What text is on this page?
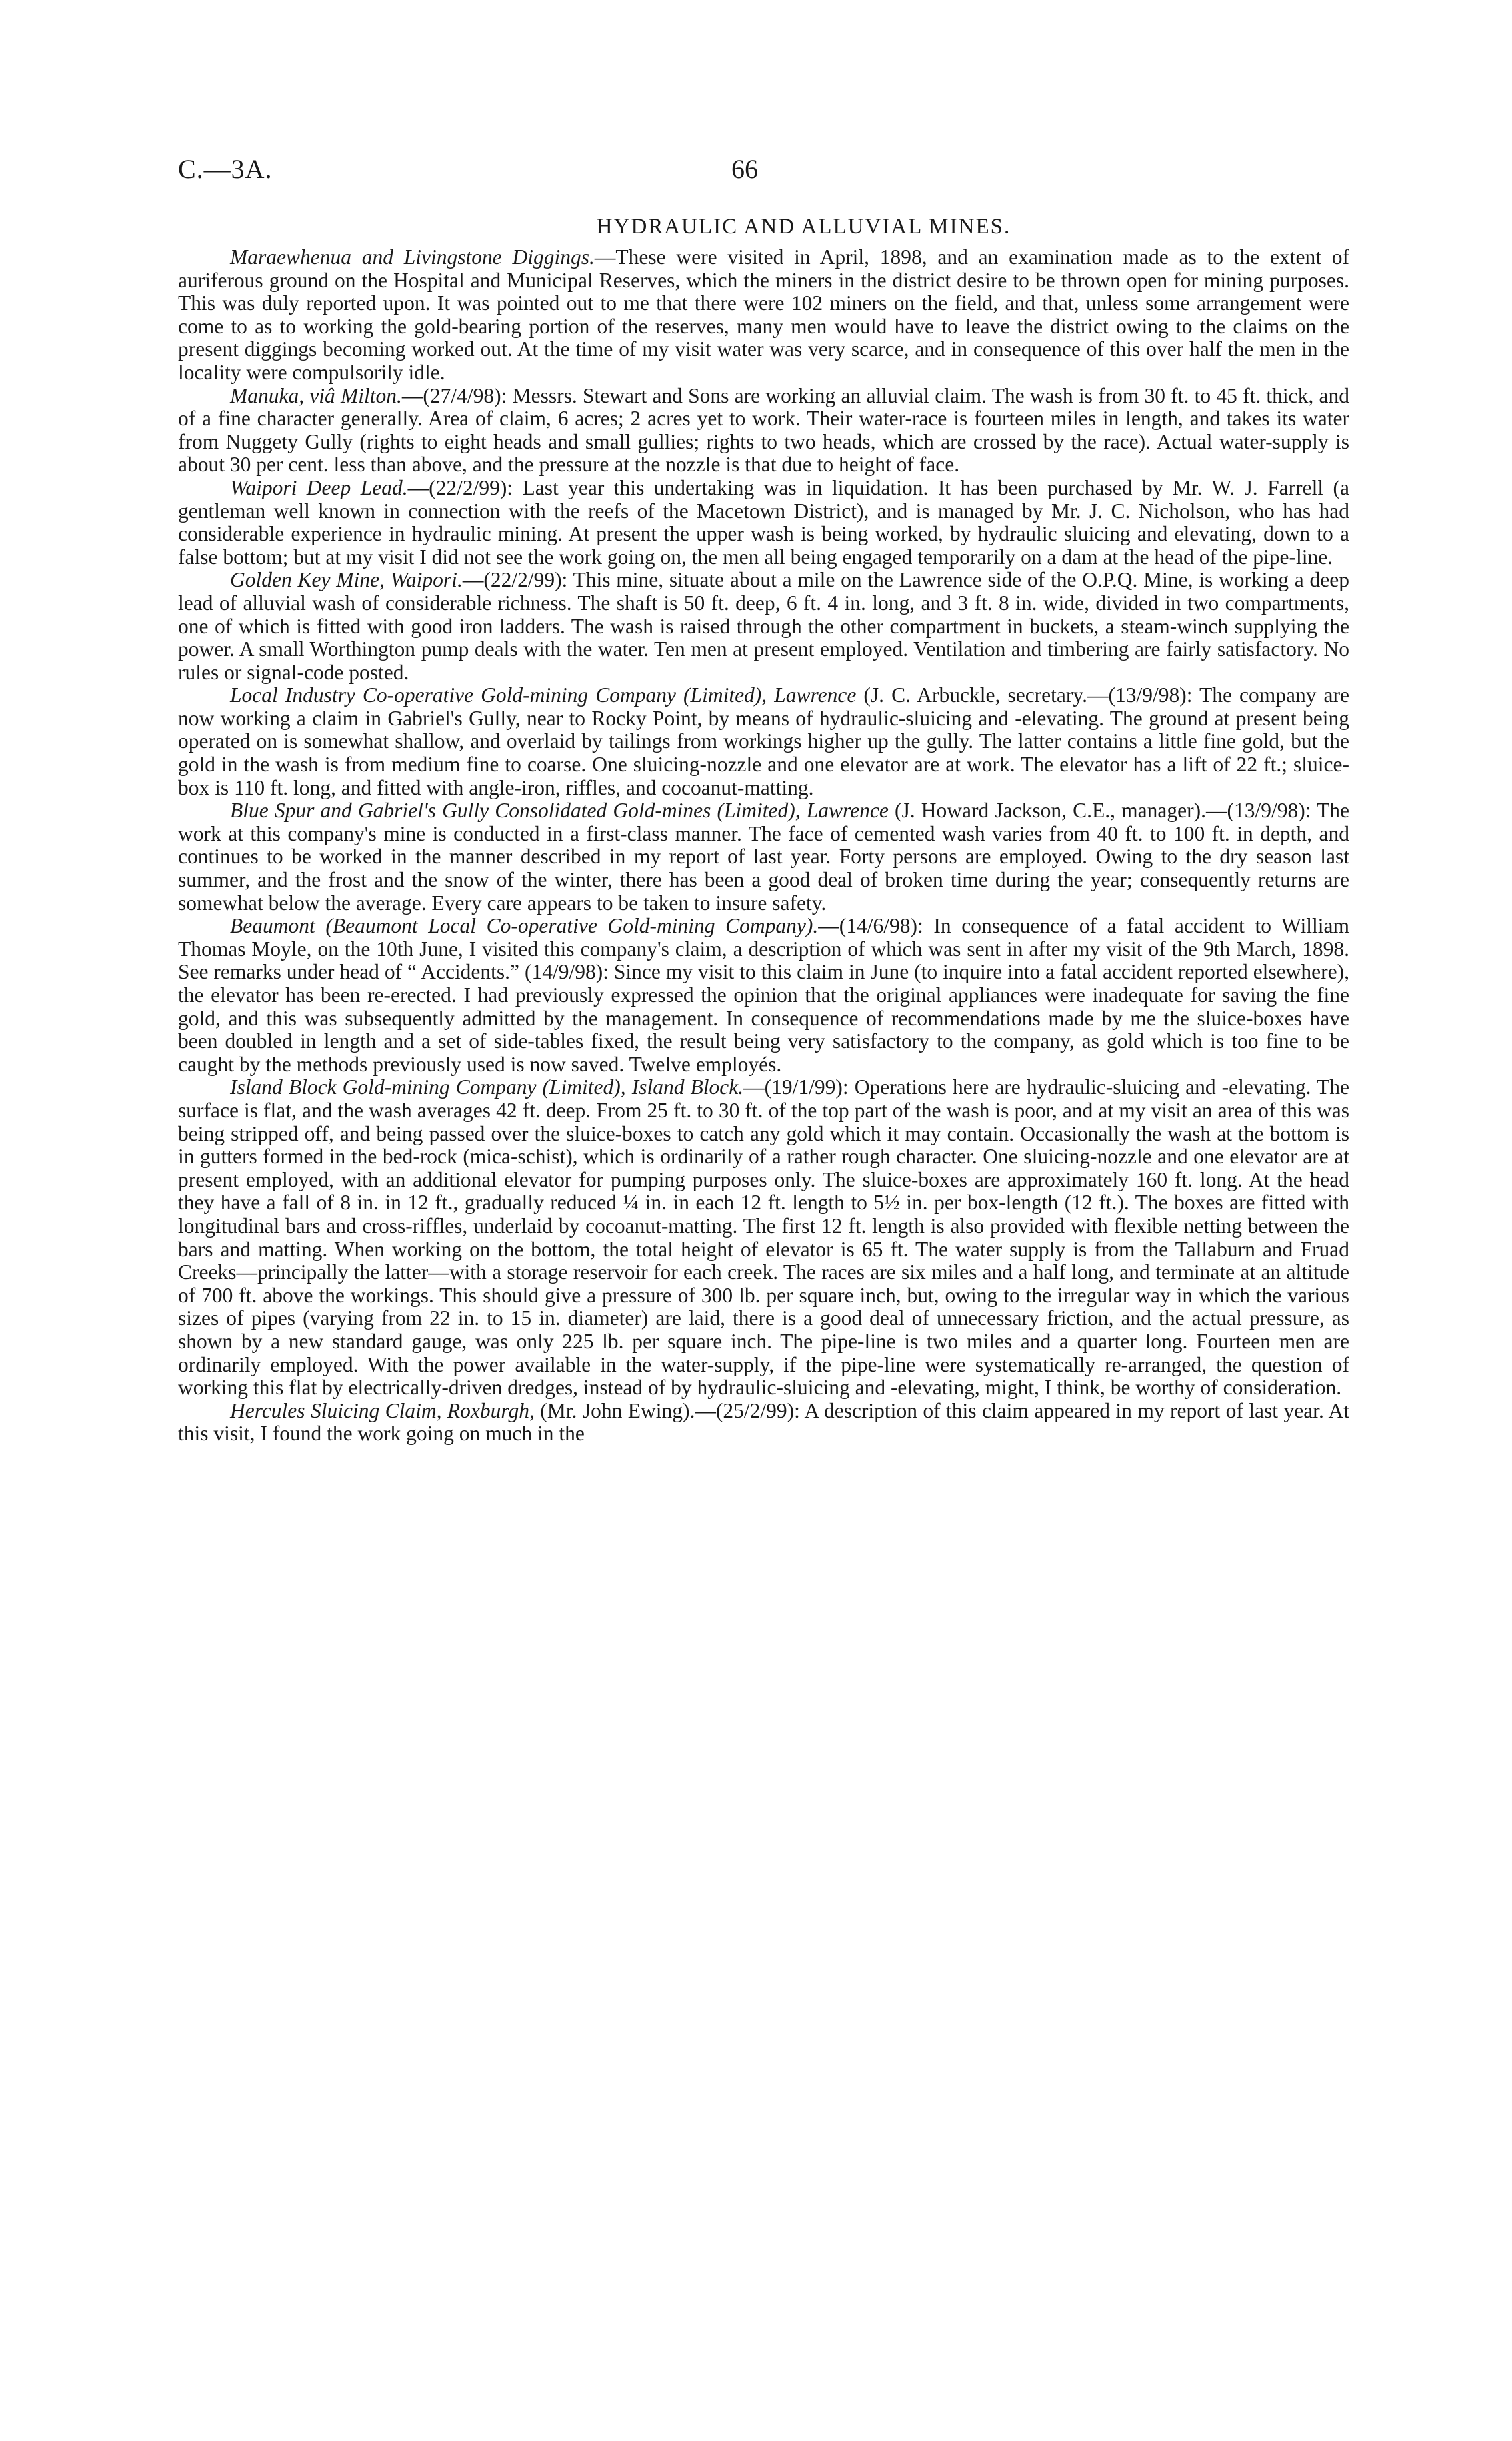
C.—3A.	66
HYDRAULIC AND ALLUVIAL MINES.

Maraewhenua and Livingstone Diggings.—These were visited in April, 1898, and an examination made as to the extent of auriferous ground on the Hospital and Municipal Reserves, which the miners in the district desire to be thrown open for mining purposes. This was duly reported upon. It was pointed out to me that there were 102 miners on the field, and that, unless some arrangement were come to as to working the gold-bearing portion of the reserves, many men would have to leave the district owing to the claims on the present diggings becoming worked out. At the time of my visit water was very scarce, and in consequence of this over half the men in the locality were compulsorily idle.

Manuka, viâ Milton.—(27/4/98): Messrs. Stewart and Sons are working an alluvial claim. The wash is from 30 ft. to 45 ft. thick, and of a fine character generally. Area of claim, 6 acres; 2 acres yet to work. Their water-race is fourteen miles in length, and takes its water from Nuggety Gully (rights to eight heads and small gullies; rights to two heads, which are crossed by the race). Actual water-supply is about 30 per cent. less than above, and the pressure at the nozzle is that due to height of face.

Waipori Deep Lead.—(22/2/99): Last year this undertaking was in liquidation. It has been purchased by Mr. W. J. Farrell (a gentleman well known in connection with the reefs of the Macetown District), and is managed by Mr. J. C. Nicholson, who has had considerable experience in hydraulic mining. At present the upper wash is being worked, by hydraulic sluicing and elevating, down to a false bottom; but at my visit I did not see the work going on, the men all being engaged temporarily on a dam at the head of the pipe-line.

Golden Key Mine, Waipori.—(22/2/99): This mine, situate about a mile on the Lawrence side of the O.P.Q. Mine, is working a deep lead of alluvial wash of considerable richness. The shaft is 50 ft. deep, 6 ft. 4 in. long, and 3 ft. 8 in. wide, divided in two compartments, one of which is fitted with good iron ladders. The wash is raised through the other compartment in buckets, a steam-winch supplying the power. A small Worthington pump deals with the water. Ten men at present employed. Ventilation and timbering are fairly satisfactory. No rules or signal-code posted.

Local Industry Co-operative Gold-mining Company (Limited), Lawrence (J. C. Arbuckle, secretary.—(13/9/98): The company are now working a claim in Gabriel's Gully, near to Rocky Point, by means of hydraulic-sluicing and -elevating. The ground at present being operated on is somewhat shallow, and overlaid by tailings from workings higher up the gully. The latter contains a little fine gold, but the gold in the wash is from medium fine to coarse. One sluicing-nozzle and one elevator are at work. The elevator has a lift of 22 ft.; sluice-box is 110 ft. long, and fitted with angle-iron, riffles, and cocoanut-matting.

Blue Spur and Gabriel's Gully Consolidated Gold-mines (Limited), Lawrence (J. Howard Jackson, C.E., manager).—(13/9/98): The work at this company's mine is conducted in a first-class manner. The face of cemented wash varies from 40 ft. to 100 ft. in depth, and continues to be worked in the manner described in my report of last year. Forty persons are employed. Owing to the dry season last summer, and the frost and the snow of the winter, there has been a good deal of broken time during the year; consequently returns are somewhat below the average. Every care appears to be taken to insure safety.

Beaumont (Beaumont Local Co-operative Gold-mining Company).—(14/6/98): In consequence of a fatal accident to William Thomas Moyle, on the 10th June, I visited this company's claim, a description of which was sent in after my visit of the 9th March, 1898. See remarks under head of “ Accidents.” (14/9/98): Since my visit to this claim in June (to inquire into a fatal accident reported elsewhere), the elevator has been re-erected. I had previously expressed the opinion that the original appliances were inadequate for saving the fine gold, and this was subsequently admitted by the management. In consequence of recommendations made by me the sluice-boxes have been doubled in length and a set of side-tables fixed, the result being very satisfactory to the company, as gold which is too fine to be caught by the methods previously used is now saved. Twelve employés.

Island Block Gold-mining Company (Limited), Island Block.—(19/1/99): Operations here are hydraulic-sluicing and -elevating. The surface is flat, and the wash averages 42 ft. deep. From 25 ft. to 30 ft. of the top part of the wash is poor, and at my visit an area of this was being stripped off, and being passed over the sluice-boxes to catch any gold which it may contain. Occasionally the wash at the bottom is in gutters formed in the bed-rock (mica-schist), which is ordinarily of a rather rough character. One sluicing-nozzle and one elevator are at present employed, with an additional elevator for pumping purposes only. The sluice-boxes are approximately 160 ft. long. At the head they have a fall of 8 in. in 12 ft., gradually reduced ¼ in. in each 12 ft. length to 5½ in. per box-length (12 ft.). The boxes are fitted with longitudinal bars and cross-riffles, underlaid by cocoanut-matting. The first 12 ft. length is also provided with flexible netting between the bars and matting. When working on the bottom, the total height of elevator is 65 ft. The water supply is from the Tallaburn and Fruad Creeks—principally the latter—with a storage reservoir for each creek. The races are six miles and a half long, and terminate at an altitude of 700 ft. above the workings. This should give a pressure of 300 lb. per square inch, but, owing to the irregular way in which the various sizes of pipes (varying from 22 in. to 15 in. diameter) are laid, there is a good deal of unnecessary friction, and the actual pressure, as shown by a new standard gauge, was only 225 lb. per square inch. The pipe-line is two miles and a quarter long. Fourteen men are ordinarily employed. With the power available in the water-supply, if the pipe-line were systematically re-arranged, the question of working this flat by electrically-driven dredges, instead of by hydraulic-sluicing and -elevating, might, I think, be worthy of consideration.

Hercules Sluicing Claim, Roxburgh, (Mr. John Ewing).—(25/2/99): A description of this claim appeared in my report of last year. At this visit, I found the work going on much in the
